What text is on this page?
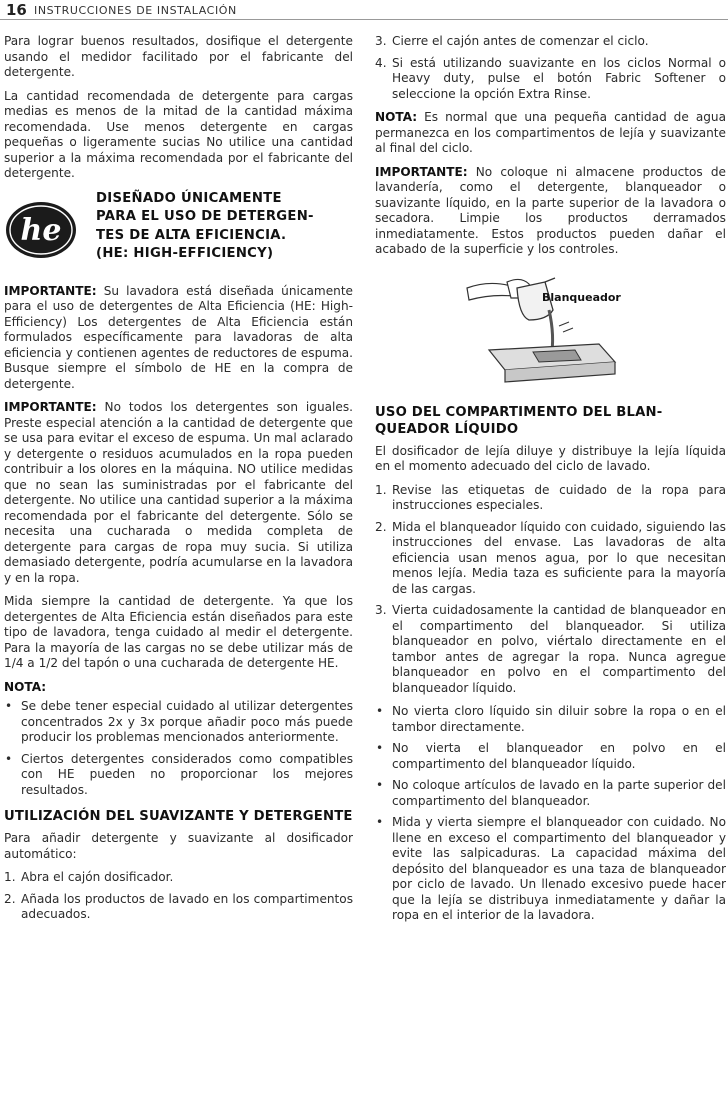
16 INSTRUCCIONES DE INSTALACIÓN

Para lograr buenos resultados, dosifique el detergente usando el medidor facilitado por el fabricante del detergente.

La cantidad recomendada de detergente para cargas medias es menos de la mitad de la cantidad máxima recomendada. Use menos detergente en cargas pequeñas o ligeramente sucias No utilice una cantidad superior a la máxima recomendada por el fabricante del detergente.

he
DISEÑADO ÚNICAMENTE
PARA EL USO DE DETERGEN-
TES DE ALTA EFICIENCIA.
(HE: HIGH-EFFICIENCY)

IMPORTANTE: Su lavadora está diseñada únicamente para el uso de detergentes de Alta Eficiencia (HE: High-Efficiency) Los detergentes de Alta Eficiencia están formulados específicamente para lavadoras de alta eficiencia y contienen agentes de reductores de espuma. Busque siempre el símbolo de HE en la compra de detergente.

IMPORTANTE: No todos los detergentes son iguales. Preste especial atención a la cantidad de detergente que se usa para evitar el exceso de espuma. Un mal aclarado y detergente o residuos acumulados en la ropa pueden contribuir a los olores en la máquina. NO utilice medidas que no sean las suministradas por el fabricante del detergente. No utilice una cantidad superior a la máxima recomendada por el fabricante del detergente. Sólo se necesita una cucharada o medida completa de detergente para cargas de ropa muy sucia. Si utiliza demasiado detergente, podría acumularse en la lavadora y en la ropa.

Mida siempre la cantidad de detergente. Ya que los detergentes de Alta Eficiencia están diseñados para este tipo de lavadora, tenga cuidado al medir el detergente. Para la mayoría de las cargas no se debe utilizar más de 1/4 a 1/2 del tapón o una cucharada de detergente HE.

NOTA:
• Se debe tener especial cuidado al utilizar detergentes concentrados 2x y 3x porque añadir poco más puede producir los problemas mencionados anteriormente.
• Ciertos detergentes considerados como compatibles con HE pueden no proporcionar los mejores resultados.
UTILIZACIÓN DEL SUAVIZANTE Y DETERGENTE

Para añadir detergente y suavizante al dosificador automático:

1. Abra el cajón dosificador.
2. Añada los productos de lavado en los compartimentos adecuados.
3. Cierre el cajón antes de comenzar el ciclo.
4. Si está utilizando suavizante en los ciclos Normal o Heavy duty, pulse el botón Fabric Softener o seleccione la opción Extra Rinse.

NOTA: Es normal que una pequeña cantidad de agua permanezca en los compartimentos de lejía y suavizante al final del ciclo.

IMPORTANTE: No coloque ni almacene productos de lavandería, como el detergente, blanqueador o suavizante líquido, en la parte superior de la lavadora o secadora. Limpie los productos derramados inmediatamente. Estos productos pueden dañar el acabado de la superficie y los controles.

Blanqueador
USO DEL COMPARTIMENTO DEL BLANQUEADOR LÍQUIDO

El dosificador de lejía diluye y distribuye la lejía líquida en el momento adecuado del ciclo de lavado.

1. Revise las etiquetas de cuidado de la ropa para instrucciones especiales.
2. Mida el blanqueador líquido con cuidado, siguiendo las instrucciones del envase. Las lavadoras de alta eficiencia usan menos agua, por lo que necesitan menos lejía. Media taza es suficiente para la mayoría de las cargas.
3. Vierta cuidadosamente la cantidad de blanqueador en el compartimento del blanqueador. Si utiliza blanqueador en polvo, viértalo directamente en el tambor antes de agregar la ropa. Nunca agregue blanqueador en polvo en el compartimento del blanqueador líquido.
• No vierta cloro líquido sin diluir sobre la ropa o en el tambor directamente.
• No vierta el blanqueador en polvo en el compartimento del blanqueador líquido.
• No coloque artículos de lavado en la parte superior del compartimento del blanqueador.
• Mida y vierta siempre el blanqueador con cuidado. No llene en exceso el compartimento del blanqueador y evite las salpicaduras. La capacidad máxima del depósito del blanqueador es una taza de blanqueador por ciclo de lavado. Un llenado excesivo puede hacer que la lejía se distribuya inmediatamente y dañar la ropa en el interior de la lavadora.
